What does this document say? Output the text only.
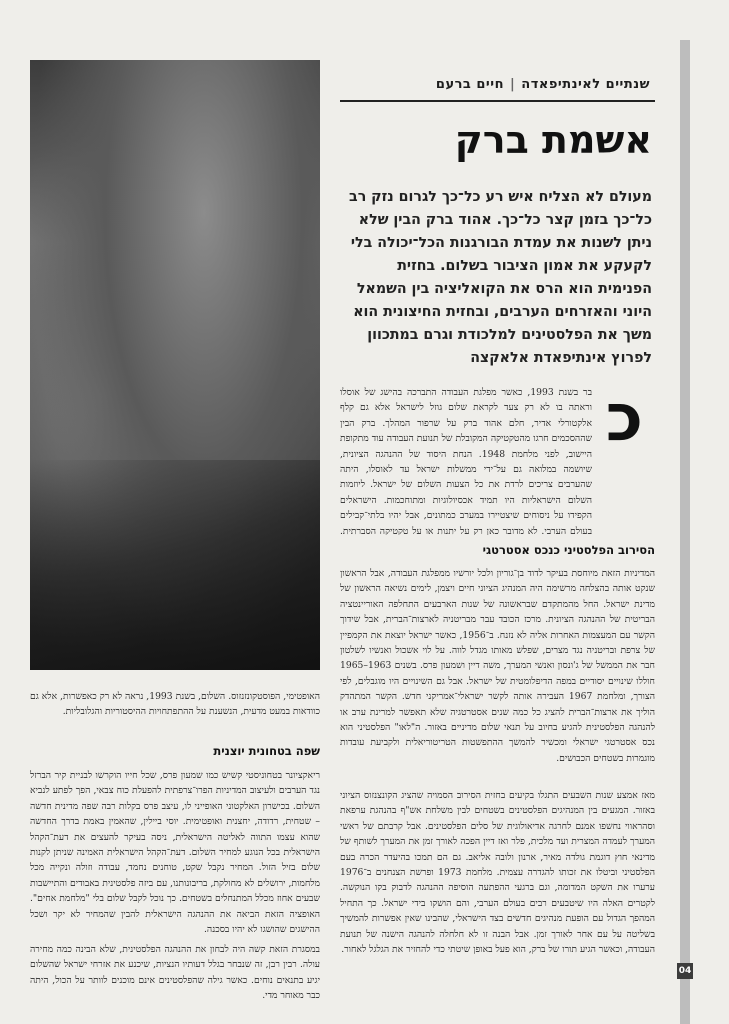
04
שנתיים לאינתיפאדה|חיים ברעם
אשמת ברק
מעולם לא הצליח איש רע כל־כך לגרום נזק רב כל־כך בזמן קצר כל־כך. אהוד ברק הבין שלא ניתן לשנות את עמדת הבורגנות הכל־יכולה בלי לקעקע את אמון הציבור בשלום. בחזית הפנימית הוא הרס את הקואליציה בין השמאל היוני והאזרחים הערבים, ובחזית החיצונית הוא משך את הפלסטינים למלכודת וגרם במתכוון לפרוץ אינתיפאדת אלאקצה
כ

בר בשנת 1993, כאשר מפלגת העבודה התברכה בהישג של אוסלו וראתה בו לא רק צעד לקראת שלום גוזל לישראל אלא גם קלף אלקטורלי אדיר, חלם אהוד ברק על שרפור המהלך. ברק הבין שההסכמים חרגו מהטקטיקה המקובלת של תנועת העבודה עוד מתקופת היישוב, לפני מלחמת 1948. הנחת היסוד של ההנהגה הציונית, שיושמה במלואה גם על־ידי ממשלות ישראל עד לאוסלו, היתה שהערבים צריכים לרדת את כל הצעות השלום של ישראל. ליוזמות השלום הישראליות היו תמיד אכסיולוגיות ומתוחכמות. הישראלים הקפידו על ניסוחים שיצטיירו במערב כמתונים, אבל יהיו בלתי־קבילים בעולם הערבי. לא מדובר כאן רק על יתנות או על טקטיקה הסברתית.

הסירוב הפלסטיני כנכס אסטרטגי

המדיניות הזאת מיוחסת בעיקר לדוד בן־גוריון ולכל יורשיו ממפלגת העבודה, אבל הראשון שנקט אותה בהצלחה מרשימה היה המנהיג הציוני חיים ויצמן, לימים נשיאה הראשון של מדינת ישראל. החל מהמתקדם שבראשונה של שנות הארבעים התחלפה האוריינטציה הבריטית של ההנהגה הציונית. מרכז הכובד עבר מבריטניה לארצות־הברית, אבל שידוך הקשר עם המעצמות האחרות אליה לא נזנח. ב־1956, כאשר ישראל יוצאת את הקמפיין של צרפת ובריטניה נגד מצרים, שפלש מאותו מגדל לווה. על לוי אשכול ואנשיו לשלטון חבר את הממשל של ג'ונסון ואנשי המערך, משה דיין ושמעון פרס. בשנים 1963–1965 חוללו שינויים יסודיים במפה הדיפלומטית של ישראל. אבל גם השינויים היו מוגבלים, לפי הצורך, ומלחמת 1967 העבירה אותה לקשר ישראלי־אמריקני חדש. הקשר המתהדק הוליך את ארצות־הברית להציג כל כמה שנים אסטרטגיה שלא תאפשר למרינת ערב או להנהגה הפלסטינית להגיע בחיוב על תנאי שלום מדיניים באזור. ה"לאו" הפלסטיני הוא נכס אסטרטגי ישראלי ומכשיר להמשך ההתפשטות הטריטוריאלית ולקביעת עובדות מוגמרות בשטחים הכבושים.

מאז אמצע שנות השבעים התגלו בקיעים בחזית הסירוב הסמויה שהציג הקונצנזוס הציוני באזור. המגעים בין המנהיגים הפלסטינים בשטחים לבין משלחת אש"ף בהנהגת ערפאת וסהראווי נחשפו אמנם לחרגה אדיאולוגית של סלים הפלסטינים. אבל קרבתם של ראשי המערך לעמדה המצרית ועד מלכית, פלר ואז דיין הפכה לאורך זמן את המערך לשותף של מדינאי חוץ דוגמת גולדה מאיר, ארנון ולובה אליאב. גם הם תמכו בהיעדר הכרה בעם הפלסטיני וביטלו את זכותו להגדרה עצמית. מלחמת 1973 ופרשת הצנחנים ב־1976 ערערו את השקט המדומה, וגם ברגעי ההפתעה הוסיפה ההנהגה לדבוק בקו הנוקשה. לקטרים האלה היו שיטבעים רבים בעולם הערבי, והם הושקו בידי ישראל. כך התחיל המהפך הגדול עם הופעת מנהיגים חדשים בצד הישראלי, שהבינו שאין אפשרות להמשיך בשליטה על עם אחר לאורך זמן. אבל הבנה זו לא חלחלה להנהגה הישנה של תנועת העבודה, וכאשר הגיע תורו של ברק, הוא פעל באופן שיטתי כדי להחזיר את הגלגל לאחור.

האופטימי, הפוסטקונזנזוס. השלום, בשנת 1993, נראה לא רק כאפשרות, אלא גם כוודאות במעט מדעית, הנשענת על ההתפתחויות ההיסטוריות והגלובליות.

שפה בטחונית יוצנית

ריאקציונר בטחוניסטי קשיש כמו שמעון פרס, שכל חייו הוקרשו לבניית קיר הברזל נגד הערבים ולעיצוב המדיניות הפרו־צרפתית להפעלת כוח צבאי, הפך לפתע לנביא השלום. בכישרון האלקטוני האופייני לו, עיצב פרס בקלות רבה שפה מדינית חדשה – שטחית, רדודה, יחצנית ואופטימית. יוסי ביילין, שהאמין באמת בדרך החדשה שהוא עצמו התווה לאליטה הישראלית, ניסה בעיקר להעצים את דעת־הקהל הישראלית בכל הנוגע למחיר השלום. דעת־הקהל הישראלית האמינה שניתן לקנות שלום בזיל הזול. המחיר נקבל שקט, טוחנים נחמד, עבודה וזולה ונקייה מכל מלחמות, ירושלים לא מחולקת, בריבונותנו, עם ביזה פלסטינית באבודים והתיישבות שבעים אחוז מכלל המתנחלים בשטחים. כך נוכל לקבל שלום בלי "מלחמת אחים". האופציה הזאת הביאה את ההנהגה הישראלית להבין שהמחיר לא יקר ושכל ההישגים שהושגו לא יהיו בסכנה.

במסגרת הזאת קשה היה לבחון את ההנהגה הפלסטינית, שלא הבינה כמה מחירה עולה. רבין רבן, זה שנבחר בגלל דעותיו הנציות, שיכנע את אזרחי ישראל שהשלום יגיע בתנאים נוחים. כאשר גילה שהפלסטינים אינם מוכנים לוותר על הכול, היתה כבר מאוחר מדי.
